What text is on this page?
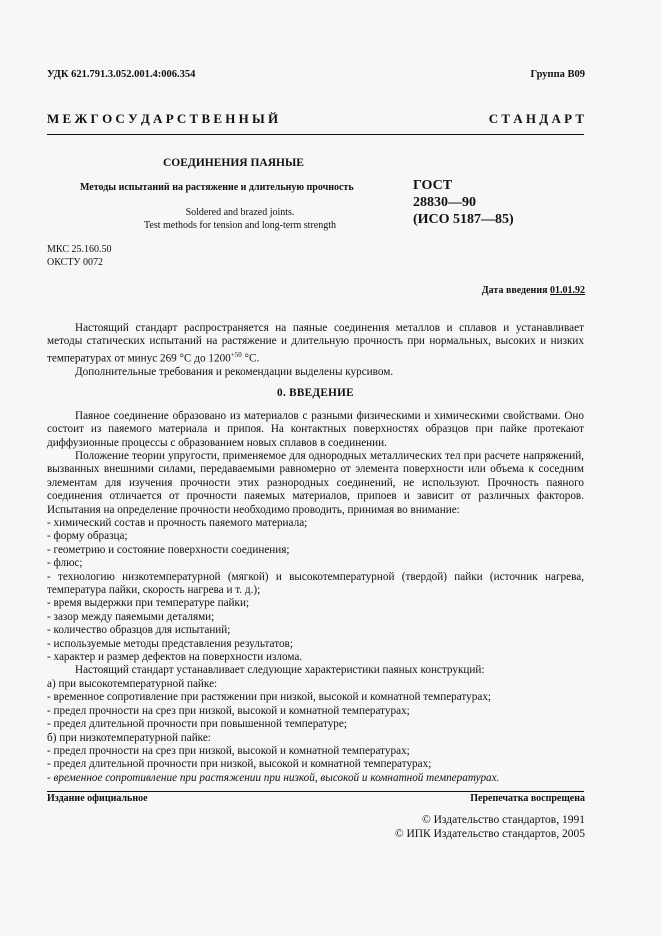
УДК 621.791.3.052.001.4:006.354	Группа В09
М Е Ж Г О С У Д А Р С Т В Е Н Н Ы Й	С Т А Н Д А Р Т
СОЕДИНЕНИЯ ПАЯНЫЕ
Методы испытаний на растяжение и длительную прочность
Soldered and brazed joints.
Test methods for tension and long-term strength
ГОСТ
28830—90
(ИСО 5187—85)
МКС 25.160.50
ОКСТУ 0072
Дата введения 01.01.92

Настоящий стандарт распространяется на паяные соединения металлов и сплавов и устанавливает методы статических испытаний на растяжение и длительную прочность при нормальных, высоких и низких температурах от минус 269 °С до $1200^{+50}$ °С.

Дополнительные требования и рекомендации выделены курсивом.

0. ВВЕДЕНИЕ

Паяное соединение образовано из материалов с разными физическими и химическими свойствами. Оно состоит из паяемого материала и припоя. На контактных поверхностях образцов при пайке протекают диффузионные процессы с образованием новых сплавов в соединении.

Положение теории упругости, применяемое для однородных металлических тел при расчете напряжений, вызванных внешними силами, передаваемыми равномерно от элемента поверхности или объема к соседним элементам для изучения прочности этих разнородных соединений, не используют. Прочность паяного соединения отличается от прочности паяемых материалов, припоев и зависит от различных факторов. Испытания на определение прочности необходимо проводить, принимая во внимание:

- химический состав и прочность паяемого материала;

- форму образца;

- геометрию и состояние поверхности соединения;

- флюс;

- технологию низкотемпературной (мягкой) и высокотемпературной (твердой) пайки (источник нагрева, температура пайки, скорость нагрева и т. д.);

- время выдержки при температуре пайки;

- зазор между паяемыми деталями;

- количество образцов для испытаний;

- используемые методы представления результатов;

- характер и размер дефектов на поверхности излома.

Настоящий стандарт устанавливает следующие характеристики паяных конструкций:

а) при высокотемпературной пайке:

- временное сопротивление при растяжении при низкой, высокой и комнатной температурах;

- предел прочности на срез при низкой, высокой и комнатной температурах;

- предел длительной прочности при повышенной температуре;

б) при низкотемпературной пайке:

- предел прочности на срез при низкой, высокой и комнатной температурах;

- предел длительной прочности при низкой, высокой и комнатной температурах;

- временное сопротивление при растяжении при низкой, высокой и комнатной температурах.

Издание официальное	Перепечатка воспрещена
© Издательство стандартов, 1991
© ИПК Издательство стандартов, 2005
